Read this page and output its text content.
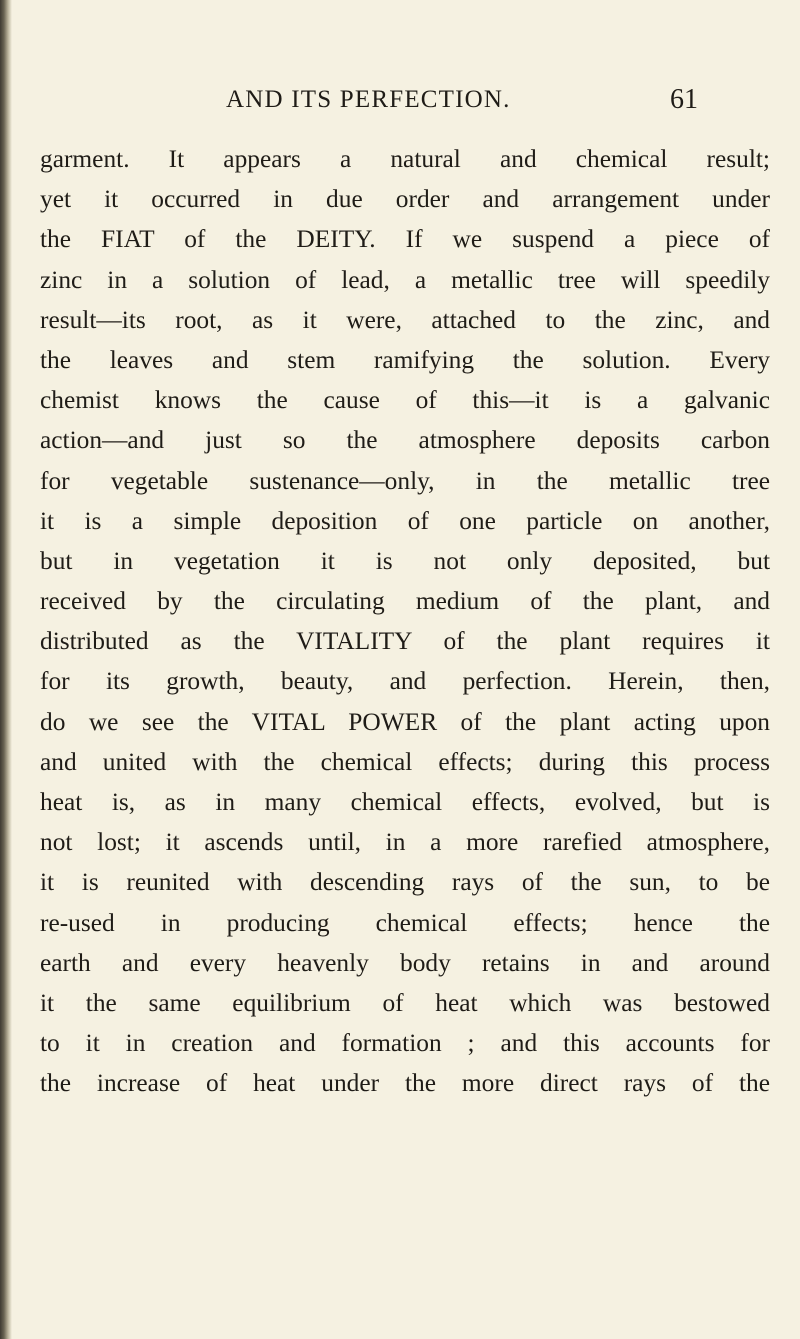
AND ITS PERFECTION.	61
garment. It appears a natural and chemical result;
yet it occurred in due order and arrangement under
the FIAT of the DEITY. If we suspend a piece of
zinc in a solution of lead, a metallic tree will speedily
result—its root, as it were, attached to the zinc, and
the leaves and stem ramifying the solution. Every
chemist knows the cause of this—it is a galvanic
action—and just so the atmosphere deposits carbon
for vegetable sustenance—only, in the metallic tree
it is a simple deposition of one particle on another,
but in vegetation it is not only deposited, but
received by the circulating medium of the plant, and
distributed as the VITALITY of the plant requires it
for its growth, beauty, and perfection. Herein, then,
do we see the VITAL POWER of the plant acting upon
and united with the chemical effects; during this process
heat is, as in many chemical effects, evolved, but is
not lost; it ascends until, in a more rarefied atmosphere,
it is reunited with descending rays of the sun, to be
re-used in producing chemical effects; hence the
earth and every heavenly body retains in and around
it the same equilibrium of heat which was bestowed
to it in creation and formation ; and this accounts for
the increase of heat under the more direct rays of the
